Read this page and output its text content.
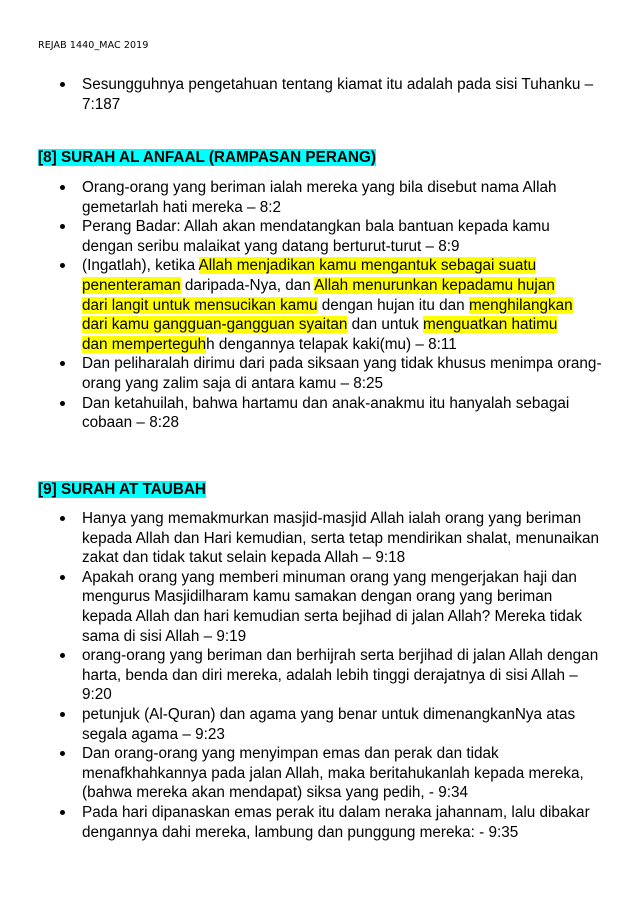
REJAB 1440_MAC 2019
Sesungguhnya pengetahuan tentang kiamat itu adalah pada sisi Tuhanku – 7:187
[8] SURAH AL ANFAAL (RAMPASAN PERANG)
Orang-orang yang beriman ialah mereka yang bila disebut nama Allah gemetarlah hati mereka – 8:2
Perang Badar: Allah akan mendatangkan bala bantuan kepada kamu dengan seribu malaikat yang datang berturut-turut – 8:9
(Ingatlah), ketika Allah menjadikan kamu mengantuk sebagai suatu
penenteraman daripada-Nya, dan Allah menurunkan kepadamu hujan
dari langit untuk mensucikan kamu dengan hujan itu dan menghilangkan
dari kamu gangguan-gangguan syaitan dan untuk menguatkan hatimu
dan memperteguhh dengannya telapak kaki(mu) – 8:11
Dan peliharalah dirimu dari pada siksaan yang tidak khusus menimpa orang-orang yang zalim saja di antara kamu – 8:25
Dan ketahuilah, bahwa hartamu dan anak-anakmu itu hanyalah sebagai cobaan – 8:28
[9] SURAH AT TAUBAH
Hanya yang memakmurkan masjid-masjid Allah ialah orang yang beriman kepada Allah dan Hari kemudian, serta tetap mendirikan shalat, menunaikan zakat dan tidak takut selain kepada Allah – 9:18
Apakah orang yang memberi minuman orang yang mengerjakan haji dan mengurus Masjidilharam kamu samakan dengan orang yang beriman kepada Allah dan hari kemudian serta bejihad di jalan Allah? Mereka tidak sama di sisi Allah – 9:19
orang-orang yang beriman dan berhijrah serta berjihad di jalan Allah dengan harta, benda dan diri mereka, adalah lebih tinggi derajatnya di sisi Allah – 9:20
petunjuk (Al-Quran) dan agama yang benar untuk dimenangkanNya atas segala agama – 9:23
Dan orang-orang yang menyimpan emas dan perak dan tidak menafkhahkannya pada jalan Allah, maka beritahukanlah kepada mereka, (bahwa mereka akan mendapat) siksa yang pedih, - 9:34
Pada hari dipanaskan emas perak itu dalam neraka jahannam, lalu dibakar dengannya dahi mereka, lambung dan punggung mereka: - 9:35
